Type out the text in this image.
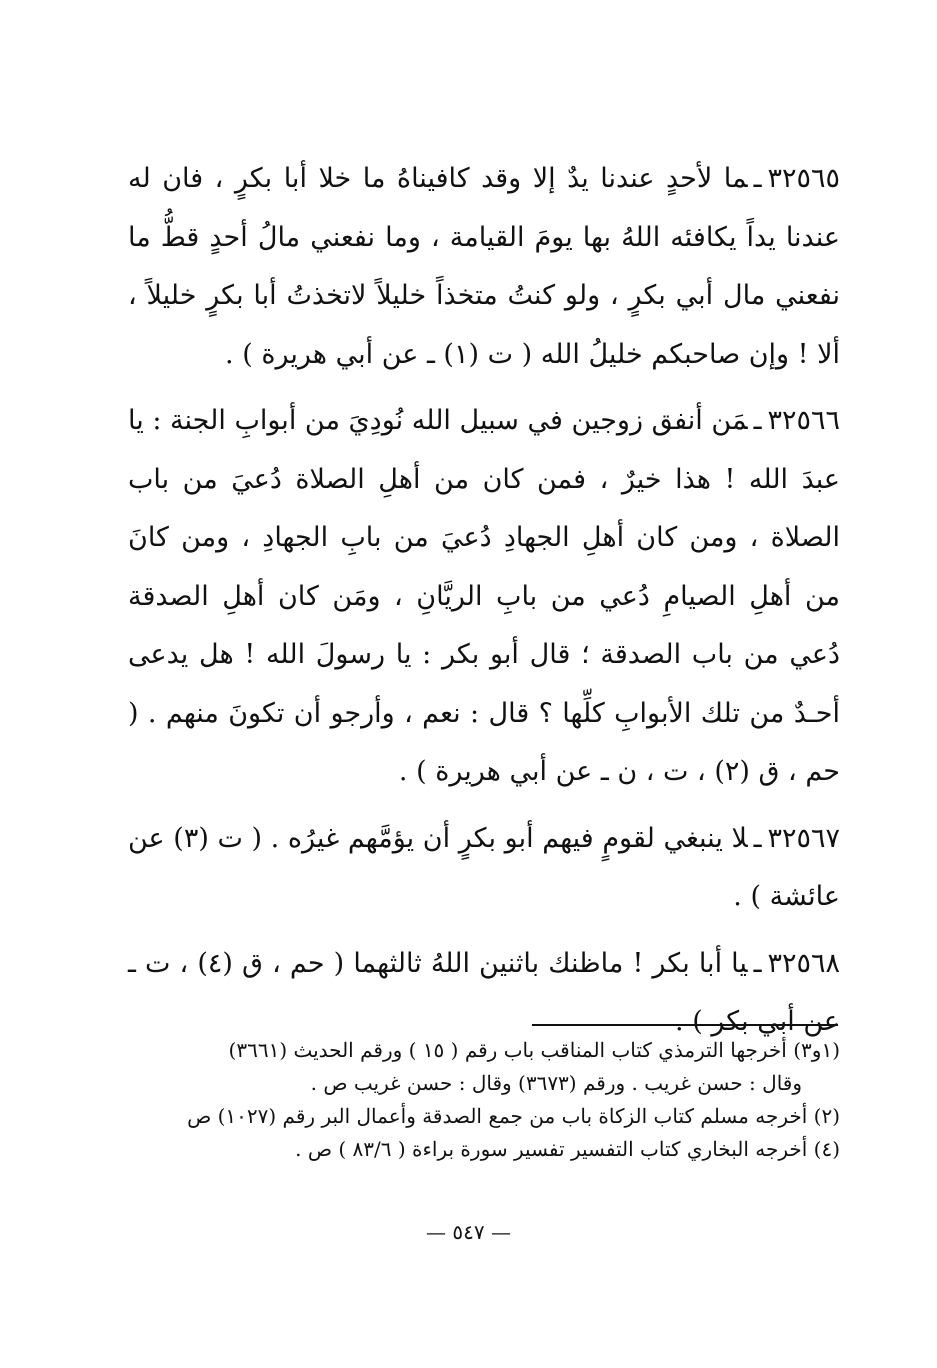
٣٢٥٦٥ـما لأحدٍ عندنا يدٌ إلا وقد كافيناهُ ما خلا أبا بكرٍ ، فان له عندنا يداً يكافئه اللهُ بها يومَ القيامة ، وما نفعني مالُ أحدٍ قطُّ ما نفعني مال أبي بكرٍ ، ولو كنتُ متخذاً خليلاً لاتخذتُ أبا بكرٍ خليلاً ، ألا ! وإن صاحبكم خليلُ الله ( ت (١) ـ عن أبي هريرة ) .

٣٢٥٦٦ـمَن أنفق زوجين في سبيل الله نُودِيَ من أبوابِ الجنة : يا عبدَ الله ! هذا خيرٌ ، فمن كان من أهلِ الصلاة دُعيَ من باب الصلاة ، ومن كان أهلِ الجهادِ دُعيَ من بابِ الجهادِ ، ومن كانَ من أهلِ الصيامِ دُعي من بابِ الريَّانِ ، ومَن كان أهلِ الصدقة دُعي من باب الصدقة ؛ قال أبو بكر : يا رسولَ الله ! هل يدعى أحـدٌ من تلك الأبوابِ كلِّها ؟ قال : نعم ، وأرجو أن تكونَ منهم . ( حم ، ق (٢) ، ت ، ن ـ عن أبي هريرة ) .

٣٢٥٦٧ـلا ينبغي لقومٍ فيهم أبو بكرٍ أن يؤمَّهم غيرُه . ( ت (٣) عن عائشة ) .

٣٢٥٦٨ـيا أبا بكر ! ماظنك باثنين اللهُ ثالثهما ( حم ، ق (٤) ، ت ـ عن أبي بكر ) .

(١و٣) أخرجها الترمذي كتاب المناقب باب رقم ( ١٥ ) ورقم الحديث (٣٦٦١)

وقال : حسن غريب . ورقم (٣٦٧٣) وقال : حسن غريب ص .

(٢) أخرجه مسلم كتاب الزكاة باب من جمع الصدقة وأعمال البر رقم (١٠٢٧) ص

(٤) أخرجه البخاري كتاب التفسير تفسير سورة براءة ( ٨٣/٦ ) ص .

— ٥٤٧ —
